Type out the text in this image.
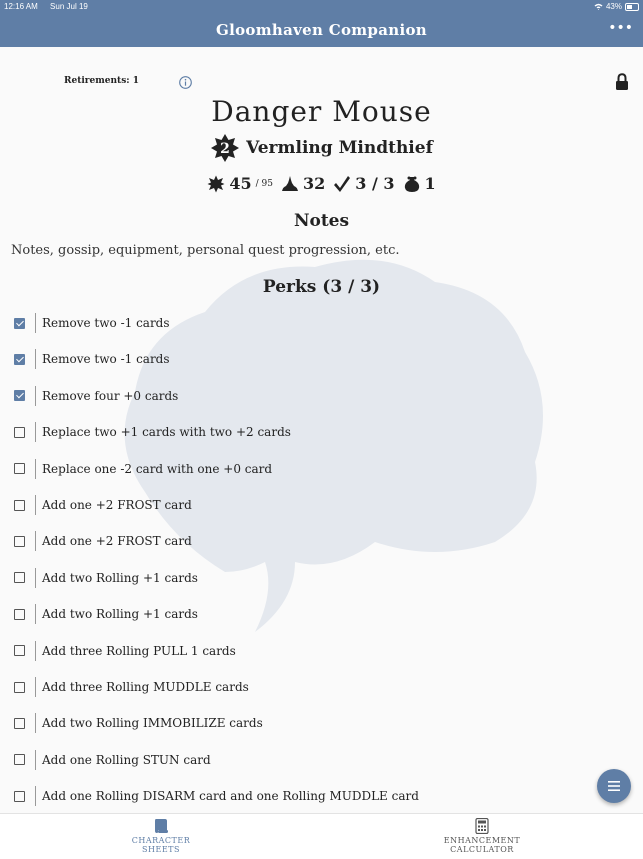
12:16 AM Sun Jul 19	43%
Gloomhaven Companion	•••
Retirements: 1
Danger Mouse
2 Vermling Mindthief
45 / 95 32 3 / 3 1
Notes
Notes, gossip, equipment, personal quest progression, etc.
Perks (3 / 3)
Remove two -1 cards
Remove two -1 cards
Remove four +0 cards
Replace two +1 cards with two +2 cards
Replace one -2 card with one +0 card
Add one +2 FROST card
Add one +2 FROST card
Add two Rolling +1 cards
Add two Rolling +1 cards
Add three Rolling PULL 1 cards
Add three Rolling MUDDLE cards
Add two Rolling IMMOBILIZE cards
Add one Rolling STUN card
Add one Rolling DISARM card and one Rolling MUDDLE card
CHARACTER
SHEETS
ENHANCEMENT
CALCULATOR
